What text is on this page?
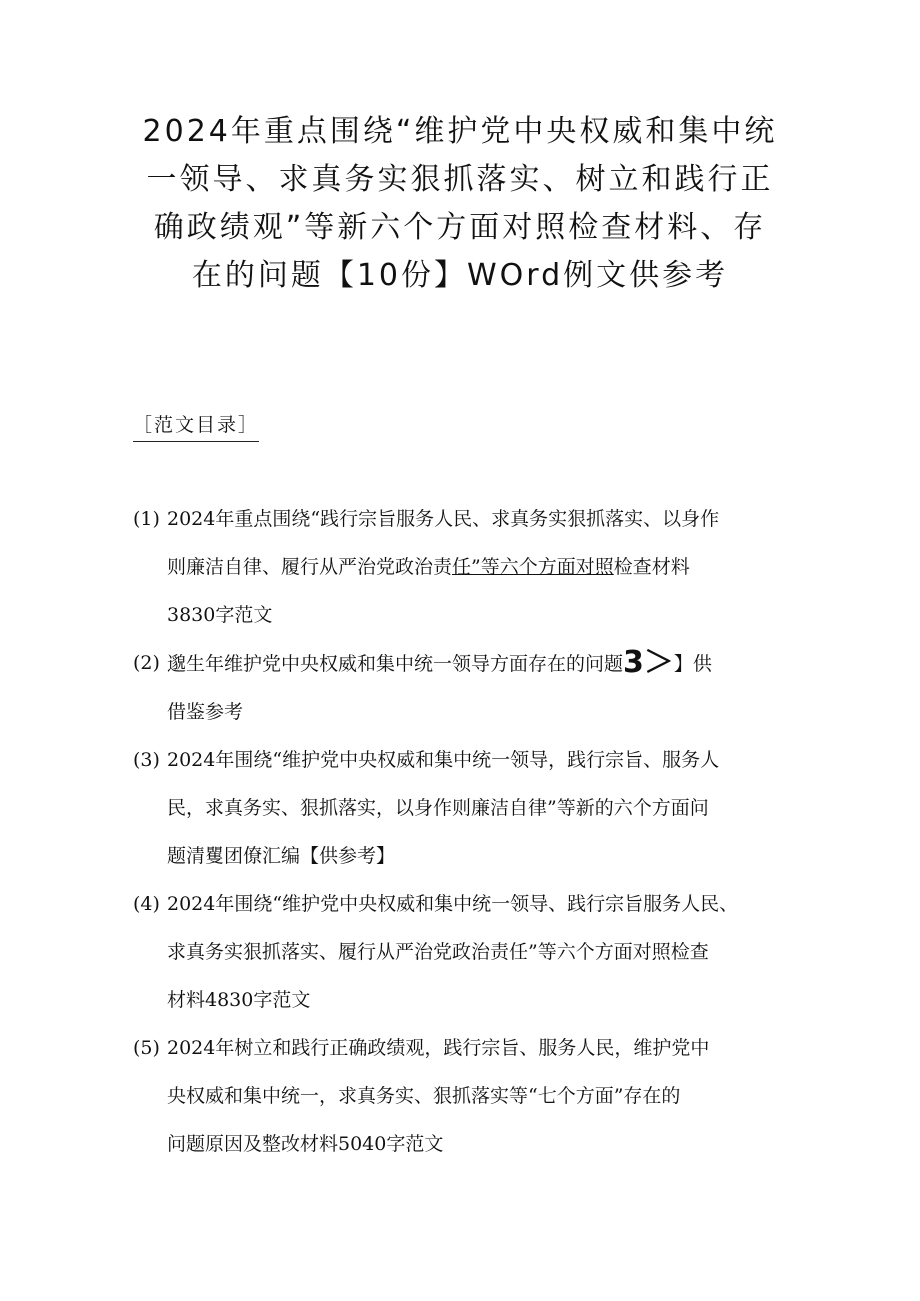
2024年重点围绕“维护党中央权威和集中统
一领导、求真务实狠抓落实、树立和践行正
确政绩观”等新六个方面对照检查材料、存
在的问题【10份】WOrd例文供参考
［范文目录］
(1) 2024年重点围绕“践行宗旨服务人民、求真务实狠抓落实、以身作
则廉洁自律、履行从严治党政治责任”等六个方面对照检查材料
3830字范文
(2) 邈生年维护党中央权威和集中统一领导方面存在的问题3＞】供
借鉴参考
(3) 2024年围绕“维护党中央权威和集中统一领导，践行宗旨、服务人
民，求真务实、狠抓落实，以身作则廉洁自律”等新的六个方面问
题清矍团僚汇编【供参考】
(4) 2024年围绕“维护党中央权威和集中统一领导、践行宗旨服务人民、
求真务实狠抓落实、履行从严治党政治责任”等六个方面对照检查
材料4830字范文
(5) 2024年树立和践行正确政绩观，践行宗旨、服务人民，维护党中
央权威和集中统一，求真务实、狠抓落实等“七个方面”存在的
问题原因及整改材料5040字范文
